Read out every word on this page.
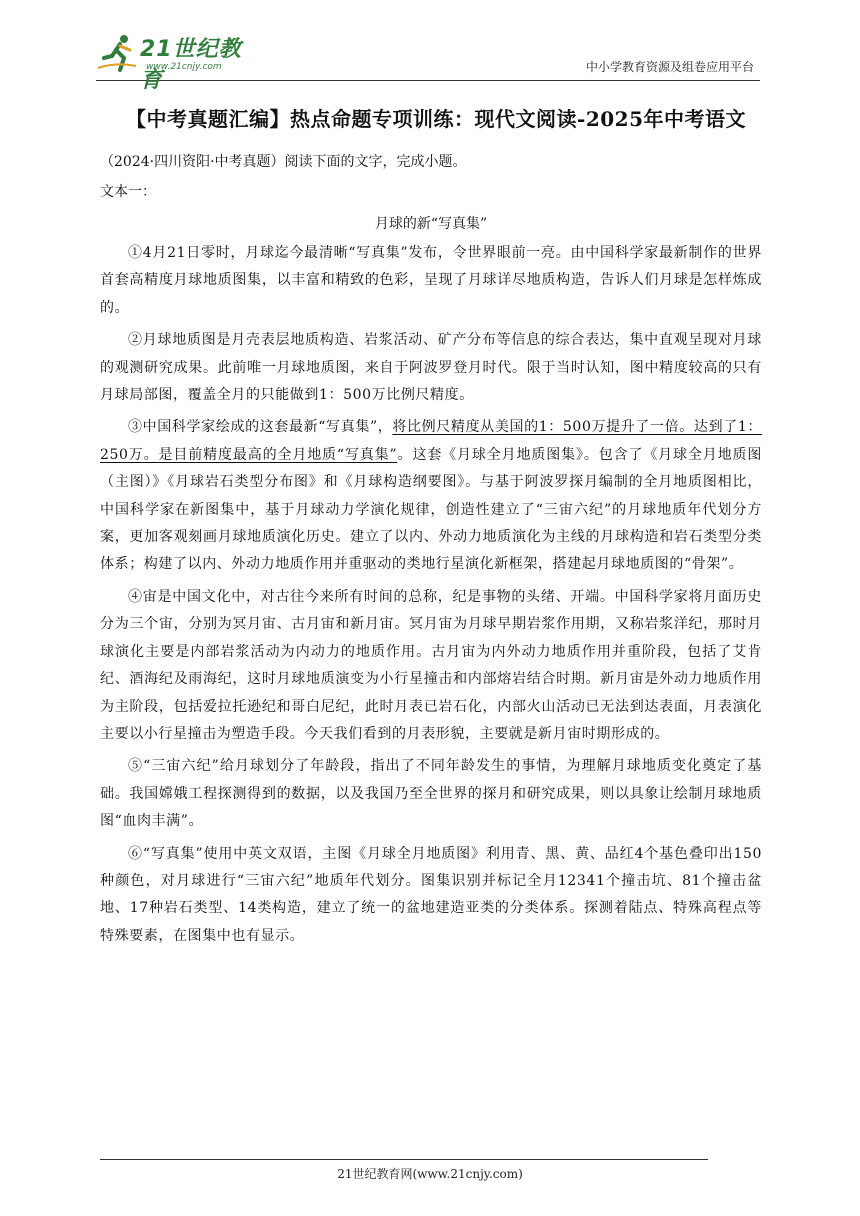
21世纪教育
www.21cnjy.com	中小学教育资源及组卷应用平台
【中考真题汇编】热点命题专项训练：现代文阅读-2025年中考语文
（2024·四川资阳·中考真题）阅读下面的文字，完成小题。
文本一：
月球的新“写真集”

①4月21日零时，月球迄今最清晰“写真集”发布，令世界眼前一亮。由中国科学家最新制作的世界首套高精度月球地质图集，以丰富和精致的色彩，呈现了月球详尽地质构造，告诉人们月球是怎样炼成的。

②月球地质图是月壳表层地质构造、岩浆活动、矿产分布等信息的综合表达，集中直观呈现对月球的观测研究成果。此前唯一月球地质图，来自于阿波罗登月时代。限于当时认知，图中精度较高的只有月球局部图，覆盖全月的只能做到1：500万比例尺精度。

③中国科学家绘成的这套最新“写真集”，将比例尺精度从美国的1：500万提升了一倍。达到了1：250万。是目前精度最高的全月地质“写真集”。这套《月球全月地质图集》。包含了《月球全月地质图（主图）》《月球岩石类型分布图》和《月球构造纲要图》。与基于阿波罗探月编制的全月地质图相比，中国科学家在新图集中，基于月球动力学演化规律，创造性建立了“三宙六纪”的月球地质年代划分方案，更加客观刻画月球地质演化历史。建立了以内、外动力地质演化为主线的月球构造和岩石类型分类体系；构建了以内、外动力地质作用并重驱动的类地行星演化新框架，搭建起月球地质图的“骨架”。

④宙是中国文化中，对古往今来所有时间的总称，纪是事物的头绪、开端。中国科学家将月面历史分为三个宙，分别为冥月宙、古月宙和新月宙。冥月宙为月球早期岩浆作用期，又称岩浆洋纪，那时月球演化主要是内部岩浆活动为内动力的地质作用。古月宙为内外动力地质作用并重阶段，包括了艾肯纪、酒海纪及雨海纪，这时月球地质演变为小行星撞击和内部熔岩结合时期。新月宙是外动力地质作用为主阶段，包括爱拉托逊纪和哥白尼纪，此时月表已岩石化，内部火山活动已无法到达表面，月表演化主要以小行星撞击为塑造手段。今天我们看到的月表形貌，主要就是新月宙时期形成的。

⑤“三宙六纪”给月球划分了年龄段，指出了不同年龄发生的事情，为理解月球地质变化奠定了基础。我国嫦娥工程探测得到的数据，以及我国乃至全世界的探月和研究成果，则以具象让绘制月球地质图“血肉丰满”。

⑥“写真集”使用中英文双语，主图《月球全月地质图》利用青、黑、黄、品红4个基色叠印出150种颜色，对月球进行“三宙六纪”地质年代划分。图集识别并标记全月12341个撞击坑、81个撞击盆地、17种岩石类型、14类构造，建立了统一的盆地建造亚类的分类体系。探测着陆点、特殊高程点等特殊要素，在图集中也有显示。

21世纪教育网(www.21cnjy.com)
